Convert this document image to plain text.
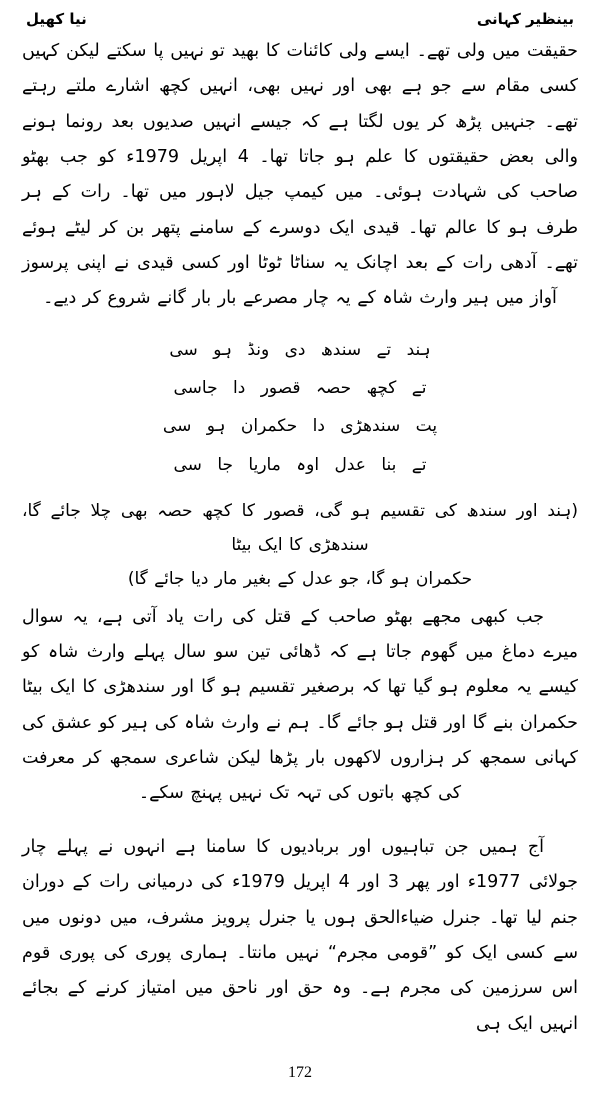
بینظیر کہانی
نیا کھیل

حقیقت میں ولی تھے۔ ایسے ولی کائنات کا بھید تو نہیں پا سکتے لیکن کہیں کسی مقام سے جو ہے بھی اور نہیں بھی، انہیں کچھ اشارے ملتے رہتے تھے۔ جنہیں پڑھ کر یوں لگتا ہے کہ جیسے انہیں صدیوں بعد رونما ہونے والی بعض حقیقتوں کا علم ہو جاتا تھا۔ 4 اپریل 1979ء کو جب بھٹو صاحب کی شہادت ہوئی۔ میں کیمپ جیل لاہور میں تھا۔ رات کے ہر طرف ہو کا عالم تھا۔ قیدی ایک دوسرے کے سامنے پتھر بن کر لیٹے ہوئے تھے۔ آدھی رات کے بعد اچانک یہ سناٹا ٹوٹا اور کسی قیدی نے اپنی پرسوز آواز میں ہیر وارث شاہ کے یہ چار مصرعے بار بار گانے شروع کر دیے۔

ہند تے سندھ دی ونڈ ہو سی
تے کچھ حصہ قصور دا جاسی
پت سندھڑی دا حکمران ہو سی
تے بنا عدل اوہ ماریا جا سی
(ہند اور سندھ کی تقسیم ہو گی، قصور کا کچھ حصہ بھی چلا جائے گا، سندھڑی کا ایک بیٹا
حکمران ہو گا، جو عدل کے بغیر مار دیا جائے گا)

جب کبھی مجھے بھٹو صاحب کے قتل کی رات یاد آتی ہے، یہ سوال میرے دماغ میں گھوم جاتا ہے کہ ڈھائی تین سو سال پہلے وارث شاہ کو کیسے یہ معلوم ہو گیا تھا کہ برصغیر تقسیم ہو گا اور سندھڑی کا ایک بیٹا حکمران بنے گا اور قتل ہو جائے گا۔ ہم نے وارث شاہ کی ہیر کو عشق کی کہانی سمجھ کر ہزاروں لاکھوں بار پڑھا لیکن شاعری سمجھ کر معرفت کی کچھ باتوں کی تہہ تک نہیں پہنچ سکے۔

آج ہمیں جن تباہیوں اور بربادیوں کا سامنا ہے انہوں نے پہلے چار جولائی 1977ء اور پھر 3 اور 4 اپریل 1979ء کی درمیانی رات کے دوران جنم لیا تھا۔ جنرل ضیاءالحق ہوں یا جنرل پرویز مشرف، میں دونوں میں سے کسی ایک کو ”قومی مجرم“ نہیں مانتا۔ ہماری پوری کی پوری قوم اس سرزمین کی مجرم ہے۔ وہ حق اور ناحق میں امتیاز کرنے کے بجائے انہیں ایک ہی

172
